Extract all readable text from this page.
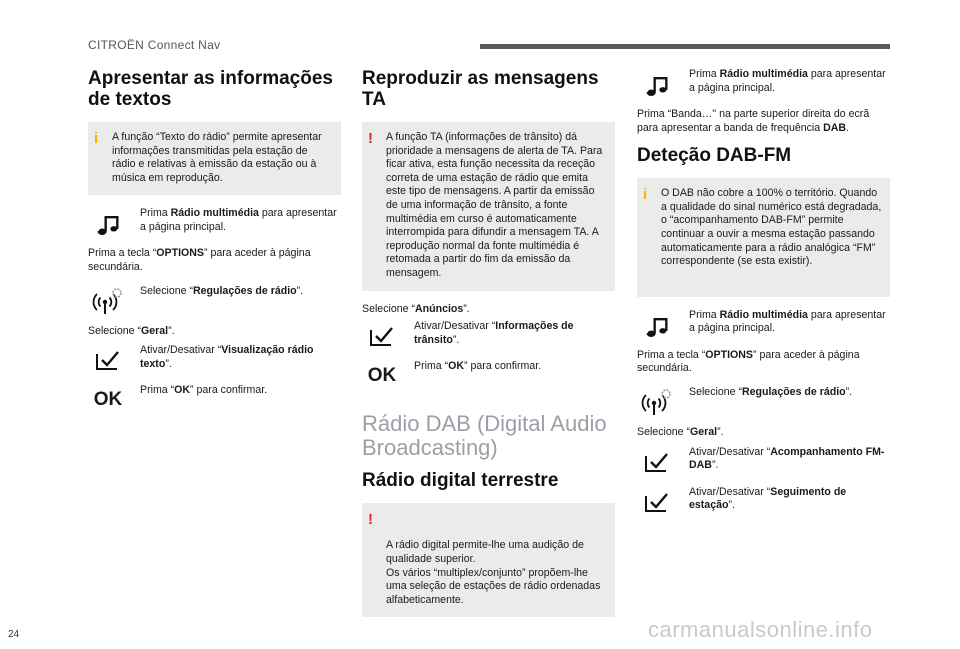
CITROËN Connect Nav
Apresentar as informações de textos
i A função “Texto do rádio” permite apresentar informações transmitidas pela estação de rádio e relativas à emissão da estação ou à música em reprodução.
Prima Rádio multimédia para apresentar a página principal.

Prima a tecla “OPTIONS” para aceder à página secundária.

Selecione “Regulações de rádio”.

Selecione “Geral”.

Ativar/Desativar “Visualização rádio texto”.
OK	Prima “OK” para confirmar.
Reproduzir as mensagens TA
! A função TA (informações de trânsito) dá prioridade a mensagens de alerta de TA. Para ficar ativa, esta função necessita da receção correta de uma estação de rádio que emita este tipo de mensagens. A partir da emissão de uma informação de trânsito, a fonte multimédia em curso é automaticamente interrompida para difundir a mensagem TA. A reprodução normal da fonte multimédia é retomada a partir do fim da emissão da mensagem.

Selecione “Anúncios”.

Ativar/Desativar “Informações de trânsito”.
OK	Prima “OK” para confirmar.
Rádio DAB (Digital Audio Broadcasting)
Rádio digital terrestre

!

A rádio digital permite-lhe uma audição de qualidade superior.
Os vários “multiplex/conjunto” propõem-lhe uma seleção de estações de rádio ordenadas alfabeticamente.

Prima Rádio multimédia para apresentar a página principal.

Prima “Banda…" na parte superior direita do ecrã para apresentar a banda de frequência DAB.

Deteção DAB-FM
i O DAB não cobre a 100% o território. Quando a qualidade do sinal numérico está degradada, o “acompanhamento DAB-FM” permite continuar a ouvir a mesma estação passando automaticamente para a rádio analógica “FM” correspondente (se esta existir).
Prima Rádio multimédia para apresentar a página principal.

Prima a tecla “OPTIONS” para aceder à página secundária.

Selecione “Regulações de rádio”.

Selecione “Geral”.

Ativar/Desativar “Acompanhamento FM-DAB”.
Ativar/Desativar “Seguimento de estação”.
24	carmanualsonline.info
